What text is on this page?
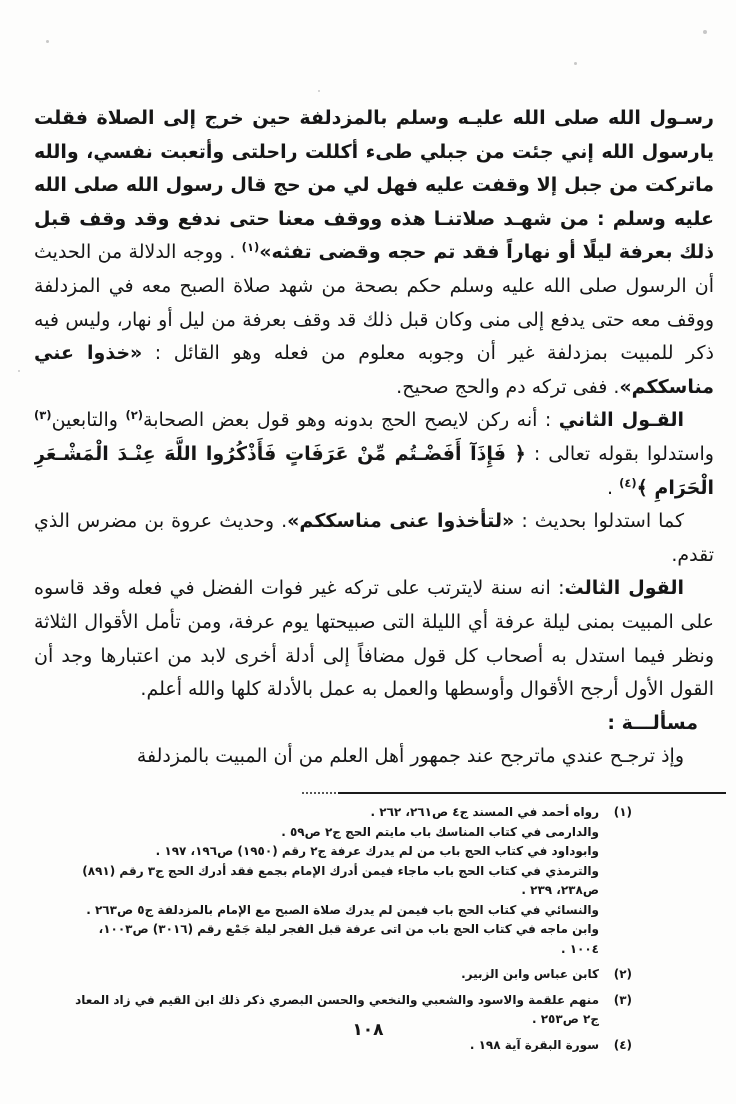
رسـول الله صلى الله عليـه وسلم بالمزدلفة حين خرج إلى الصلاة فقلت يارسول الله إني جئت من جبلي طىء أكللت راحلتى وأتعبت نفسي، والله ماتركت من جبل إلا وقفت عليه فهل لي من حج قال رسول الله صلى الله عليه وسلم : من شهـد صلاتنـا هذه ووقف معنا حتى ندفع وقد وقف قبل ذلك بعرفة ليلًا أو نهاراً فقد تم حجه وقضى تفثه»$^{(١)}$ . ووجه الدلالة من الحديث أن الرسول صلى الله عليه وسلم حكم بصحة من شهد صلاة الصبح معه في المزدلفة ووقف معه حتى يدفع إلى منى وكان قبل ذلك قد وقف بعرفة من ليل أو نهار، وليس فيه ذكر للمبيت بمزدلفة غير أن وجوبه معلوم من فعله وهو القائل : «خذوا عني مناسككم». ففى تركه دم والحج صحيح.

القـول الثاني : أنه ركن لايصح الحج بدونه وهو قول بعض الصحابة$^{(٢)}$ والتابعين$^{(٣)}$ واستدلوا بقوله تعالى : ﴿ فَإِذَآ أَفَضْـتُم مِّنْ عَرَفَاتٍ فَأَذْكُرُوا اللَّهَ عِنْـدَ الْمَشْـعَرِ الْحَرَامِ ﴾$^{(٤)}$ .

كما استدلوا بحديث : «لتأخذوا عنى مناسككم». وحديث عروة بن مضرس الذي تقدم.

القول الثالث: انه سنة لايترتب على تركه غير فوات الفضل في فعله وقد قاسوه على المبيت بمنى ليلة عرفة أي الليلة التى صبيحتها يوم عرفة، ومن تأمل الأقوال الثلاثة ونظر فيما استدل به أصحاب كل قول مضافاً إلى أدلة أخرى لابد من اعتبارها وجد أن القول الأول أرجح الأقوال وأوسطها والعمل به عمل بالأدلة كلها والله أعلم.

مسألـــة :

وإذ ترجـح عندي ماترجح عند جمهور أهل العلم من أن المبيت بالمزدلفة

(١)
رواه أحمد في المسند ج٤ ص٢٦١، ٢٦٢ .
والدارمى في كتاب المناسك باب مايتم الحج ج٢ ص٥٩ .
وابوداود في كتاب الحج باب من لم يدرك عرفة ج٢ رقم (١٩٥٠) ص١٩٦، ١٩٧ .
والترمذي في كتاب الحج باب ماجاء فيمن أدرك الإمام بجمع فقد أدرك الحج ج٣ رقم (٨٩١) ص٢٣٨، ٢٣٩ .
والنسائي في كتاب الحج باب فيمن لم يدرك صلاة الصبح مع الإمام بالمزدلفة ج٥ ص٢٦٣ .
وابن ماجه في كتاب الحج باب من اتى عرفة قبل الفجر ليلة جَمْع رقم (٣٠١٦) ص١٠٠٣، ١٠٠٤ .
(٢)
كابن عباس وابن الزبير.
(٣)
منهم علقمة والاسود والشعبي والنخعي والحسن البصري ذكر ذلك ابن القيم في زاد المعاد ج٢ ص٢٥٣ .
(٤)
سورة البقرة آية ١٩٨ .
١٠٨
